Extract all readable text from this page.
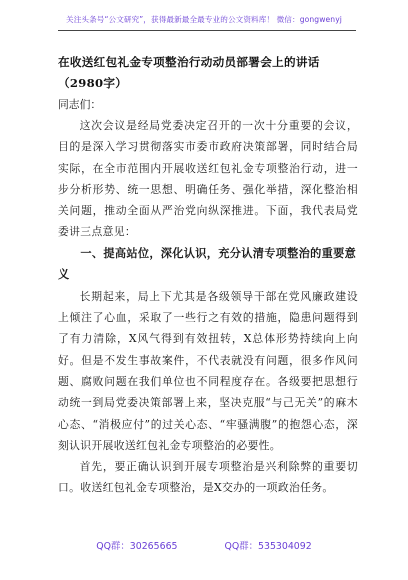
关注头条号“公文研究”，获得最新最全最专业的公文资料库！ 微信：gongwenyj

在收送红包礼金专项整治行动动员部署会上的讲话（2980字）

同志们：

这次会议是经局党委决定召开的一次十分重要的会议，目的是深入学习贯彻落实市委市政府决策部署，同时结合局实际，在全市范围内开展收送红包礼金专项整治行动，进一步分析形势、统一思想、明确任务、强化举措，深化整治相关问题，推动全面从严治党向纵深推进。下面，我代表局党委讲三点意见：

一、提高站位，深化认识，充分认清专项整治的重要意义

长期起来，局上下尤其是各级领导干部在党风廉政建设上倾注了心血，采取了一些行之有效的措施，隐患问题得到了有力清除，X风气得到有效扭转，X总体形势持续向上向好。但是不发生事故案件，不代表就没有问题，很多作风问题、腐败问题在我们单位也不同程度存在。各级要把思想行动统一到局党委决策部署上来，坚决克服“与己无关”的麻木心态、“消极应付”的过关心态、“牢骚满腹”的抱怨心态，深刻认识开展收送红包礼金专项整治的必要性。

首先，要正确认识到开展专项整治是兴利除弊的重要切口。收送红包礼金专项整治，是X交办的一项政治任务。

QQ群：30265665	QQ群：535304092
